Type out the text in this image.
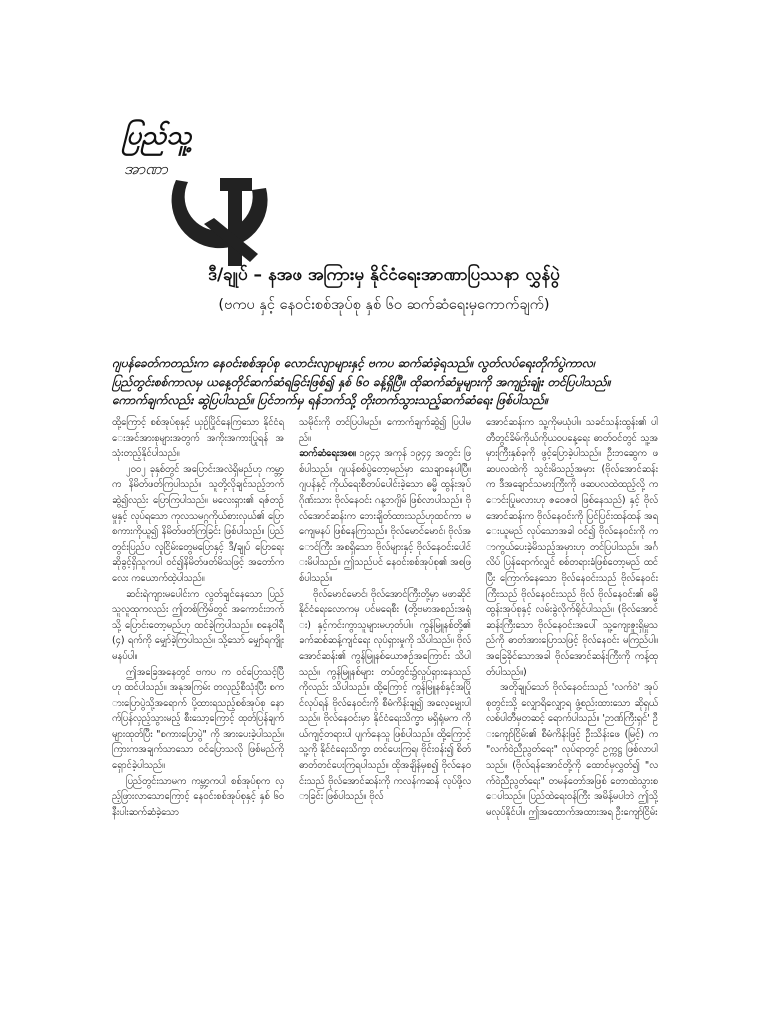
ပြည်သူ့
အာဏာ
ဒီ/ချုပ် – နအဖ အကြားမှ နိုင်ငံရေးအာဏာပြဿနာ လွှန်ပွဲ
(ဗကပ နှင့် နေဝင်းစစ်အုပ်စု နှစ် ၆၀ ဆက်ဆံရေးမှကောက်ချက်)

ဂျပန်ခေတ်ကတည်းက နေဝင်းစစ်အုပ်စု လောင်းလျာများနှင့် ဗကပ ဆက်ဆံခဲ့ရသည်။ လွတ်လပ်ရေးတိုက်ပွဲကာလ၊

ပြည်တွင်းစစ်ကာလမှ ယနေ့တိုင်ဆက်ဆံရခြင်းဖြစ်၍ နှစ် ၆၀ ခန့်ရှိပြီ။ ထိုဆက်ဆံမှုများကို အကျဉ်းချုံး တင်ပြပါသည်။

ကောက်ချက်လည်း ဆွဲပြပါသည်။ ပြင်ဘက်မှ ရန်ဘက်သို့ တိုးတက်သွားသည့်ဆက်ဆံရေး ဖြစ်ပါသည်။

ထို့ကြောင့် စစ်အုပ်စုနှင့် ယှဉ်ပြိုင်နေကြသော နိုင်ငံရေးအင်အားစုများအတွက် အကိုးအကားပြုရန် အသုံးတည့်နိုင်ပါသည်။

၂၀၀၂ ခုနှစ်တွင် အပြောင်းအလဲရှိမည်ဟု ကမ္ဘာ့က နိမိတ်ဖတ်ကြပါသည်။ သူတို့လိုချင်သည့်ဘက် ဆွဲ၍လည်း ပြောကြပါသည်။ မလေးရှား၏ ရဇ်တဉ်မှုနှင့် လုပ်ရသော ကုလသမဂ္ဂကိုယ်စားလှယ်၏ ပြောစကားကိုယူ၍ နိမိတ်ဖတ်ကြခြင်း ဖြစ်ပါသည်။ ပြည်တွင်းပြည်ပ လူငြိမ်းတွေမပြောနှင့် ဒီ/ချုပ် ပြောရေးဆိုခွင့်ရှိသူကပါ ဝင်၍နိမိတ်ဖတ်မိသဖြင့် အတော်ကလေး ကယောက်ထဲ့ပါသည်။

ဆင်းရဲကျားမပေါင်းက လွတ်ချင်နေသော ပြည်သူလူထုကလည်း ဤတစ်ကြိမ်တွင် အကောင်းဘက်သို့ ပြောင်းတော့မည်ဟု ထင်ခဲ့ကြပါသည်။ စနေ့ဝါရီ (၄) ရက်ကို မျှော်ခဲ့ကြပါသည်။ သို့သော် မျှော်ရကျိုး မနပ်ပါ။

ဤအခြေအနေတွင် ဗကပ က ဝင်ပြောသင့်ပြီဟု ထင်ပါသည်။ အနုအကြမ်း တလှည့်စီသုံးပြီး စကားပြောပွဲသို့အရောက် ပို့ထားရသည့်စစ်အုပ်စု နောက်ပြန်လှည့်သွားမည့် စီးသော့ကြောင့် ထုတ်ပြန်ချက်များထုတ်ပြီး "စကားပြောပွဲ" ကို အားပေးခဲ့ပါသည်။ ကြားကအချက်သာသော ဝင်ပြောသလို ဖြစ်မည်ကို ရှောင်ခဲ့ပါသည်။

ပြည်တွင်းသာမက ကမ္ဘာ့ကပါ စစ်အုပ်စုက လှည့်ဖြားလာသောကြောင့် နေဝင်းစစ်အုပ်စုနှင့် နှစ် ၆၀ နီးပါးဆက်ဆံခဲ့သော

သမိုင်းကို တင်ပြပါမည်။ ကောက်ချက်ဆွဲ၍ ပြပါမည်။

ဆက်ဆံရေးအစ။ ၁၉၄၃ အကုန် ၁၉၄၄ အတွင်း ဖြစ်ပါသည်။ ဂျပန်စစ်ပွဲတော့မည်မှာ သေချာနေပါပြီ။ ဂျပန်နှင့် ကိုယ်ရေးစီတပ်ပေါင်းခဲ့သော ဓမ္မိ ထွန်းအုပ်ဂိုဏ်းသား ဗိုလ်နေဝင်း ဂန့ဘဂျိမ် ဖြစ်လာပါသည်။ ဗိုလ်အောင်ဆန်းက ဘေးချိတ်ထားသည်ဟုထင်ကာ မကျေမနပ် ဖြစ်နေကြသည်။ ဗိုလ်မောင်မောင်၊ ဗိုလ်အောင်ကြီး အစရှိသော ဗိုလ်များနှင့် ဗိုလ်နေဝင်းပေါင်းမိပါသည်။ ဤသည်ပင် နေဝင်းစစ်အုပ်စု၏ အစဖြစ်ပါသည်။

ဗိုလ်မောင်မောင်၊ ဗိုလ်အောင်ကြီးတို့မှာ မဖာဆိုင် နိုင်ငံရေးလောကမှ ပင်မရေစီး (တို့ဗမာအစည်းအရုံး) နှင့်ကင်းကွာသူများမဟုတ်ပါ။ ကွန်မြူနစ်တို့၏ ခက်ဆစ်ဆန့်ကျင်ရေး လုပ်ရှားမှုကို သိပါသည်။ ဗိုလ်အောင်ဆန်း၏ ကွန်မြူနစ်ယောဇဉ်အကြောင်း သိပါသည်။ ကွန်မြူနစ်များ တပ်တွင်း၌လှုပ်ရှားနေသည်ကိုလည်း သိပါသည်။ ထို့ကြောင့် ကွန်မြူနစ်နှင့်အပြိုင်လုပ်ရန် ဗိုလ်နေဝင်းကို စီမံကိန်းချ၍ အလေ့မျှေးပါသည်။ ဗိုလ်နေဝင်းမှာ နိုင်ငံရေးသိက္ခာ မရှိရုံမက ကိုယ်ကျင့်တရားပါ ပျက်နေသူ ဖြစ်ပါသည်။ ထို့ကြောင့်သူ့ကို နိုင်ငံရေးသိက္ခာ တင်ပေးကြရ၊ ဗိုင်းဝန်း၍ စိတ်ဓာတ်တင်ပေးကြရပါသည်။ ထိုအချိန်မှစ၍ ဗိုလ်နေဝင်းသည် ဗိုလ်အောင်ဆန်းကို ကလန်ကဆန် လုပ်ဖို့လာခြင်း ဖြစ်ပါသည်။ ဗိုလ်

အောင်ဆန်းက သူ့ကိုမယုံပါ။ သခင်သန်းထွန်း၏ ပါတီတွင်ခိမ်ကိုယ်ကိုယဝပနေ့ရေး ဓာတ်ဝင်တွင် သူ့အမှားကြီးနှစ်ခုကို ဖွင့်ပြောခဲ့ပါသည်။ ဦးဘဆွေက ဖဆပလထဲကို သွင်းမိသည့်အမှား (ဗိုလ်အောင်ဆန်းက ဒီအချောင်သမားကြီးကို ဖဆပလထဲထည့်လို့ ကောင်းပြုမလားဟု ဇဝေဇဝါ ဖြစ်နေသည်) နှင့် ဗိုလ်အောင်ဆန်းက ဗိုလ်နေဝင်းကို ပြင်ပြင်းထန်ထန် အရေးယူမည် လုပ်သောအခါ ဝင်၍ ဗိုလ်နေဝင်းကို ကာကွယ်ပေးခဲ့မိသည့်အမှားဟု တင်ပြပါသည်။ အင်္ဂလိပ် ပြန်ရောက်လျှင် စစ်တရားခံဖြစ်တော့မည် ထင်ပြီး ကြောက်နေသော ဗိုလ်နေဝင်းသည် ဗိုလ်နေဝင်းကြီးသည် ဗိုလ်နေဝင်းသည် ဗိုလ် ဗိုလ်နေဝင်း၏ ဓမ္မိ ထွန်းအုပ်စုနှင့် လမ်းခွဲလိုက်ရိုင်ပါသည်။ (ဗိုလ်အောင်ဆန်းကြီးသော ဗိုလ်နေဝင်းအပေါ် သူ့ကျေးဇူးရှိမှုသည်ကို ဓာတ်အားပြောသဖြင့် ဗိုလ်နေဝင်း မကြည်ပါ။ အခြေခိုင်သောအခါ ဗိုလ်အောင်ဆန်းကြီးကို ကန့်ထုတ်ပါသည်။)

အတိုချုပ်သော် ဗိုလ်နေဝင်းသည် 'လက်ဝဲ' အုပ်စုတွင်းသို့ လျှောရိလျှော့ရ ဖွံ့စည်းထားသော ဆိုရှယ်လစ်ပါတီမှတဆင့် ရောက်ပါသည်။ 'ဉာဏ်ကြီးရှင်' ဦးကျော်ငြိမ်း၏ စီမံကိန်းဖြင့် ဦးသိန်းဖေ (မြင့်) က "လက်ဝဲညီညွတ်ရေး" လုပ်ရာတွင် ဥက္ကဋ္ဌ ဖြစ်လာပါသည်။ (ဗိုလ်ရန်အောင်တို့ကို ထောင်မှလွှတ်၍ "လက်ဝဲညီညွတ်ရေး" တမန်တော်အဖြစ် တောထဲသွားစေပါသည်။ ပြည်ထဲရေးဝန်ကြီး အမိန့်မပါဘဲ ဤသို့ မလုပ်နိုင်ပါ။ ဤအထောက်အထားအရ ဦးကျော်ငြိမ်း
